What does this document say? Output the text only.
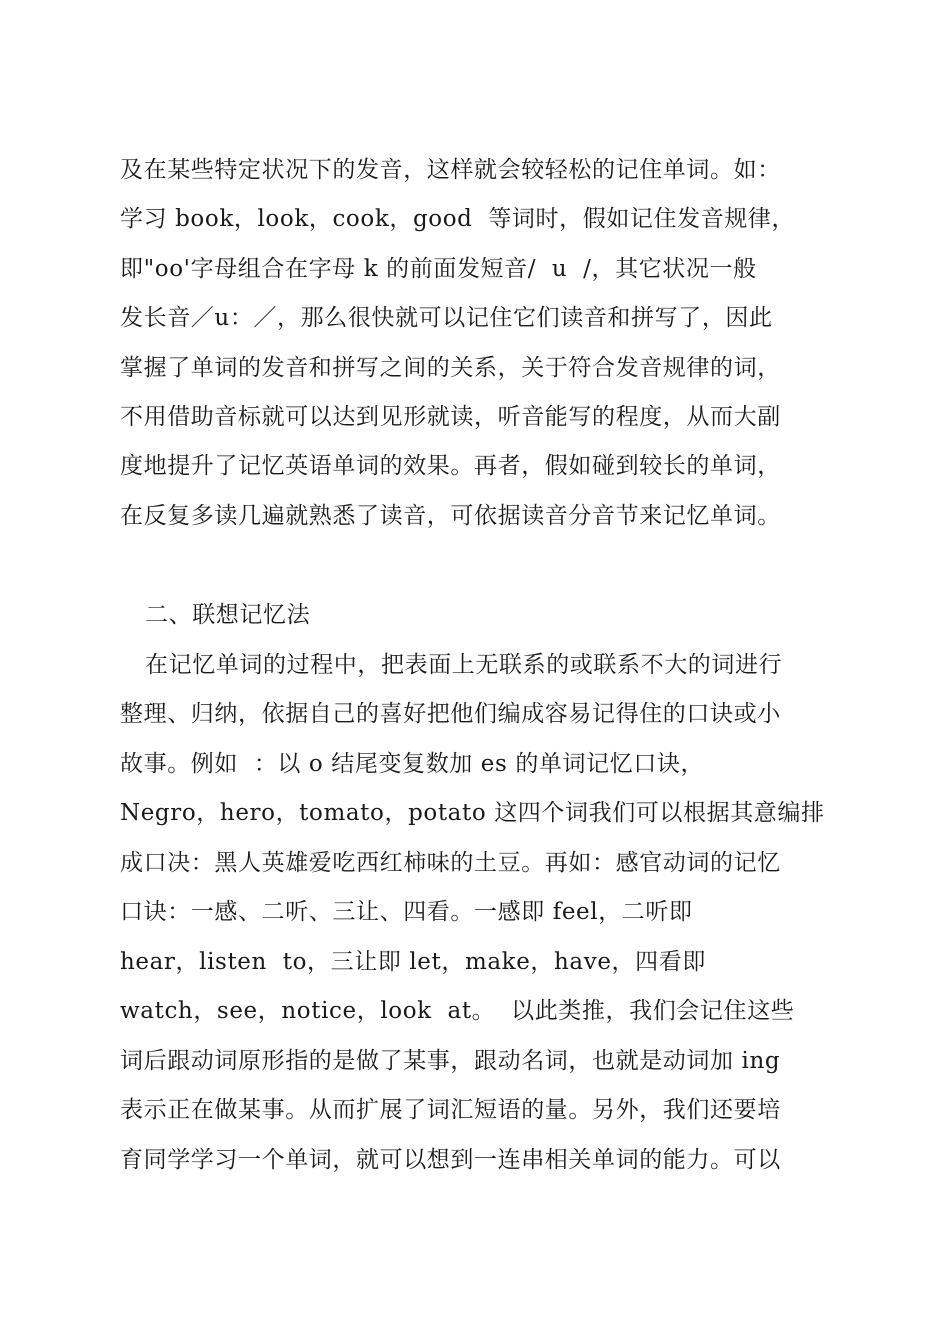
及在某些特定状况下的发音，这样就会较轻松的记住单词。如：
学习 book，look，cook，good  等词时，假如记住发音规律，
即"oo'字母组合在字母 k 的前面发短音/  u  /，其它状况一般
发长音／u：／，那么很快就可以记住它们读音和拼写了，因此
掌握了单词的发音和拼写之间的关系，关于符合发音规律的词，
不用借助音标就可以达到见形就读，听音能写的程度，从而大副
度地提升了记忆英语单词的效果。再者，假如碰到较长的单词，
在反复多读几遍就熟悉了读音，可依据读音分音节来记忆单词。
二、联想记忆法
在记忆单词的过程中，把表面上无联系的或联系不大的词进行
整理、归纳，依据自己的喜好把他们编成容易记得住的口诀或小
故事。例如  ：以 o 结尾变复数加 es 的单词记忆口诀，
Negro，hero，tomato，potato 这四个词我们可以根据其意编排
成口决：黑人英雄爱吃西红柿味的土豆。再如：感官动词的记忆
口诀：一感、二听、三让、四看。一感即 feel，二听即
hear，listen  to，三让即 let，make，have，四看即
watch，see，notice，look  at。  以此类推，我们会记住这些
词后跟动词原形指的是做了某事，跟动名词，也就是动词加 ing
表示正在做某事。从而扩展了词汇短语的量。另外，我们还要培
育同学学习一个单词，就可以想到一连串相关单词的能力。可以
